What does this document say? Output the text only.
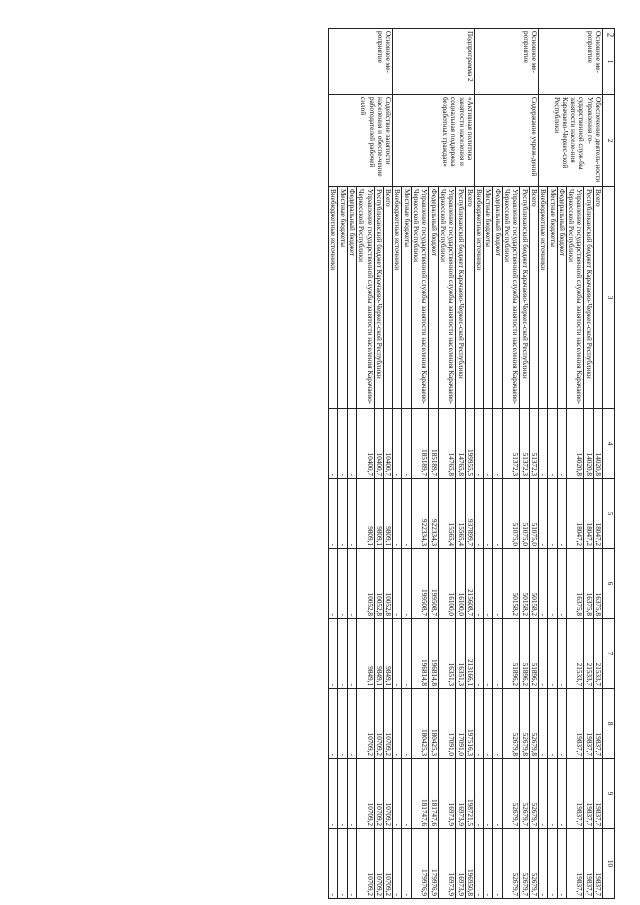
2
1	2	3	4	5	6	7	8	9	10
Основное ме-роприятие	Обеспечение деятель-ности Управления го-сударственной служ-бы занятости населе-ния Карачаево-Черкес-ской Республики	Всего	14020,8	18047,2	16375,8	21533,7	19837,7	19837,7	19837,7
		Республиканский бюджет Карачаево-Черкес-ской Республики	14020,8	18047,2	16375,8	21533,7	19837,7	19837,7	19837,7
		Управление государственной службы занятости населения Карачаево-Черкесской Республики	14020,8	18047,2	16375,8	21533,7	19837,7	19837,7	19837,7
		Федеральный бюджет	-	-	-	-	-	-	-
		Местные бюджеты	-	-	-	-	-	-	-
		Внебюджетные источники	-	-	-	-	-	-	-
Основное ме-роприятие	Содержание учреж-дений	Всего	51372,3	51075,0	50158,2	51896,2	52679,8	52679,7	52679,7
		Республиканский бюджет Карачаево-Черкес-ской Республики	51372,3	51075,0	50158,2	51896,2	52679,8	52679,7	52679,7
		Управление государственной службы занятости населения Карачаево-Черкесской Республики	51372,3	51075,0	50158,2	51896,2	52679,8	52679,7	52679,7
		Федеральный бюджет	-	-	-	-	-	-	-
		Местные бюджеты	-	-	-	-	-	-	-
		Внебюджетные источники	-	-	-	-	-	-	-
Подпрограмма 2	«Активная политика занятости населения и социальная поддержка безработных граждан»	Всего	199955,5	937899,7	215608,7	213166,1	197516,3	198721,5	196950,8
		Республиканский бюджет Карачаево-Черкес-ской Республики	14765,8	15565,4	16100,0	16351,3	17091,0	16973,9	16973,9
		Управление государственной службы занятости населения Карачаево-Черкесской Республики	14765,8	15565,4	16100,0	16351,3	17091,0	16973,9	16973,9
		Федеральный бюджет	185189,7	922334,3	199508,7	196814,8	180425,3	181747,6	179976,9
		Управление государственной службы занятости населения Карачаево-Черкесской Республики	185189,7	922334,3	199508,7	196814,8	180425,3	181747,6	179976,9
		Местные бюджеты	-	-	-	-	-	-	-
		Внебюджетные источники	-	-	-	-	-	-	-
Основное ме-роприятие	Содействие занятости населения и обеспе-чение работодателей рабочей силой	Всего	10400,7	9809,1	10052,8	9849,1	10709,2	10709,2	10709,2
		Республиканский бюджет Карачаево-Черкес-ской Республики	10400,7	9809,1	10052,8	9849,1	10709,2	10709,2	10709,2
		Управление государственной службы занятости населения Карачаево-Черкесской Республики	10400,7	9809,1	10052,8	9849,1	10709,2	10709,2	10709,2
		Федеральный бюджет	-	-	-	-	-	-	-
		Местные бюджеты	-	-	-	-	-	-	-
		Внебюджетные источники	-	-	-	-	-	-	-
